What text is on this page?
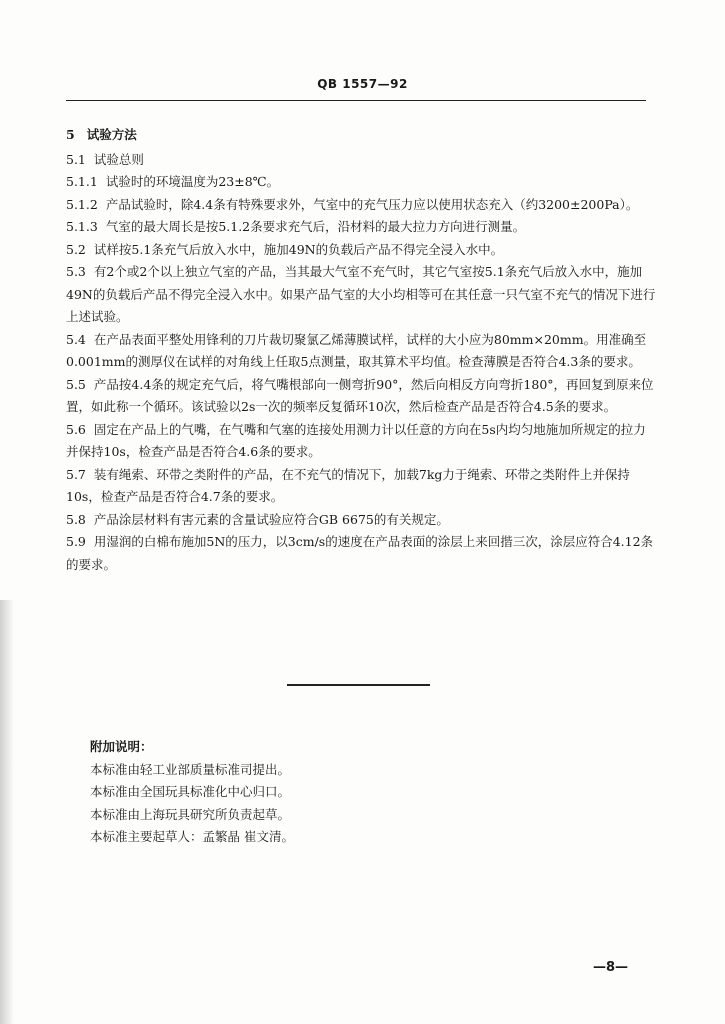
QB 1557—92

5 试验方法

5.1 试验总则

5.1.1 试验时的环境温度为23±8℃。

5.1.2 产品试验时，除4.4条有特殊要求外，气室中的充气压力应以使用状态充入（约3200±200Pa）。

5.1.3 气室的最大周长是按5.1.2条要求充气后，沿材料的最大拉力方向进行测量。

5.2 试样按5.1条充气后放入水中，施加49N的负载后产品不得完全浸入水中。

5.3 有2个或2个以上独立气室的产品，当其最大气室不充气时，其它气室按5.1条充气后放入水中，施加49N的负载后产品不得完全浸入水中。如果产品气室的大小均相等可在其任意一只气室不充气的情况下进行上述试验。

5.4 在产品表面平整处用锋利的刀片裁切聚氯乙烯薄膜试样，试样的大小应为80mm×20mm。用准确至0.001mm的测厚仪在试样的对角线上任取5点测量，取其算术平均值。检查薄膜是否符合4.3条的要求。

5.5 产品按4.4条的规定充气后，将气嘴根部向一侧弯折90°，然后向相反方向弯折180°，再回复到原来位置，如此称一个循环。该试验以2s一次的频率反复循环10次，然后检查产品是否符合4.5条的要求。

5.6 固定在产品上的气嘴，在气嘴和气塞的连接处用测力计以任意的方向在5s内均匀地施加所规定的拉力并保持10s，检查产品是否符合4.6条的要求。

5.7 装有绳索、环带之类附件的产品，在不充气的情况下，加载7kg力于绳索、环带之类附件上并保持10s，检查产品是否符合4.7条的要求。

5.8 产品涂层材料有害元素的含量试验应符合GB 6675的有关规定。

5.9 用湿润的白棉布施加5N的压力，以3cm/s的速度在产品表面的涂层上来回揩三次，涂层应符合4.12条的要求。

附加说明：

本标准由轻工业部质量标准司提出。

本标准由全国玩具标准化中心归口。

本标准由上海玩具研究所负责起草。

本标准主要起草人：孟繁晶 崔文清。

—8—
